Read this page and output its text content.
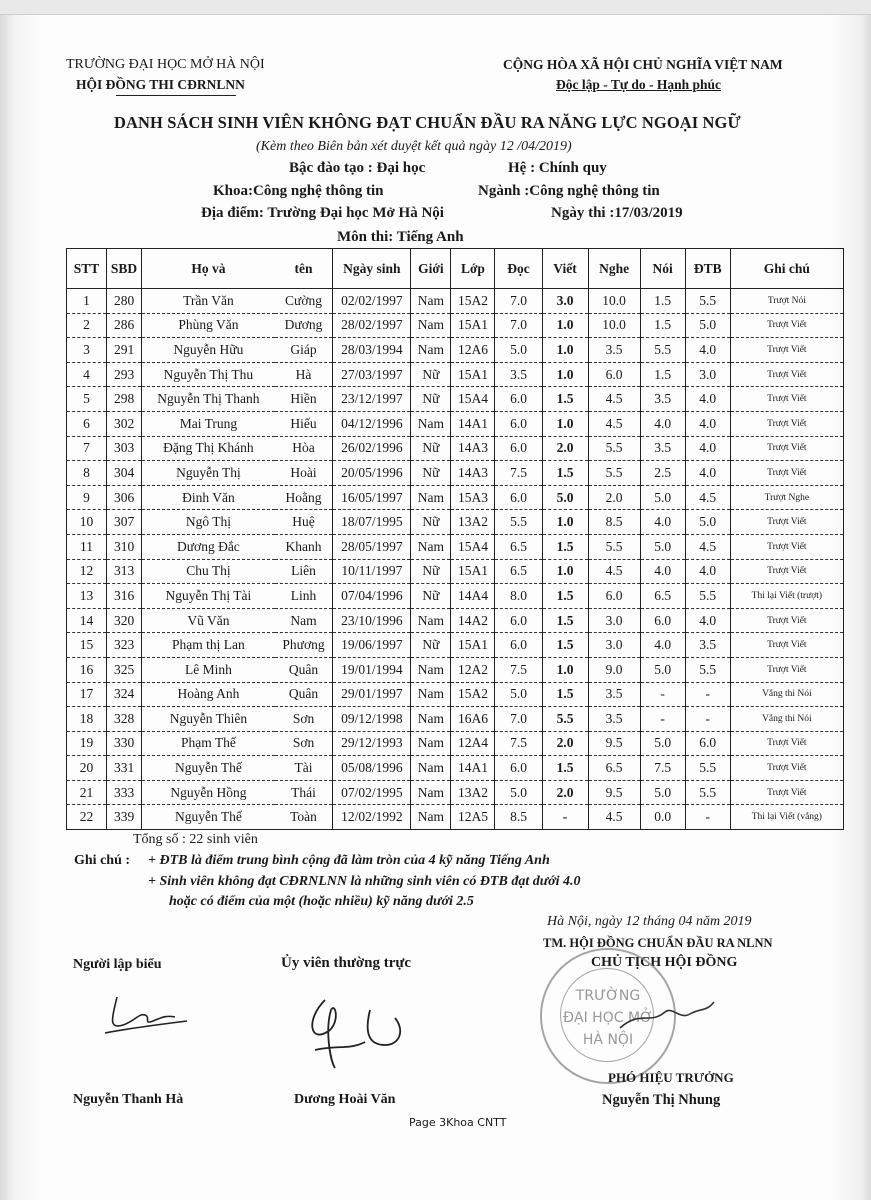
TRƯỜNG ĐẠI HỌC MỞ HÀ NỘI
HỘI ĐỒNG THI CĐRNLNN
CỘNG HÒA XÃ HỘI CHỦ NGHĨA VIỆT NAM
Độc lập - Tự do - Hạnh phúc
DANH SÁCH SINH VIÊN KHÔNG ĐẠT CHUẨN ĐẦU RA NĂNG LỰC NGOẠI NGỮ
(Kèm theo Biên bản xét duyệt kết quả ngày 12 /04/2019)
Bậc đào tạo : Đại học	Hệ : Chính quy
Khoa:Công nghệ thông tin	Ngành :Công nghệ thông tin
Địa điểm: Trường Đại học Mở Hà Nội	Ngày thi :17/03/2019
Môn thi: Tiếng Anh
STT	SBD	Họ và	tên	Ngày sinh	Giới	Lớp	Đọc	Viết	Nghe	Nói	ĐTB	Ghi chú
1	280	Trần Văn	Cường	02/02/1997	Nam	15A2	7.0	3.0	10.0	1.5	5.5	Trượt Nói
2	286	Phùng Văn	Dương	28/02/1997	Nam	15A1	7.0	1.0	10.0	1.5	5.0	Trượt Viết
3	291	Nguyễn Hữu	Giáp	28/03/1994	Nam	12A6	5.0	1.0	3.5	5.5	4.0	Trượt Viết
4	293	Nguyễn Thị Thu	Hà	27/03/1997	Nữ	15A1	3.5	1.0	6.0	1.5	3.0	Trượt Viết
5	298	Nguyễn Thị Thanh	Hiền	23/12/1997	Nữ	15A4	6.0	1.5	4.5	3.5	4.0	Trượt Viết
6	302	Mai Trung	Hiếu	04/12/1996	Nam	14A1	6.0	1.0	4.5	4.0	4.0	Trượt Viết
7	303	Đặng Thị Khánh	Hòa	26/02/1996	Nữ	14A3	6.0	2.0	5.5	3.5	4.0	Trượt Viết
8	304	Nguyễn Thị	Hoài	20/05/1996	Nữ	14A3	7.5	1.5	5.5	2.5	4.0	Trượt Viết
9	306	Đinh Văn	Hoằng	16/05/1997	Nam	15A3	6.0	5.0	2.0	5.0	4.5	Trượt Nghe
10	307	Ngô Thị	Huệ	18/07/1995	Nữ	13A2	5.5	1.0	8.5	4.0	5.0	Trượt Viết
11	310	Dương Đắc	Khanh	28/05/1997	Nam	15A4	6.5	1.5	5.5	5.0	4.5	Trượt Viết
12	313	Chu Thị	Liên	10/11/1997	Nữ	15A1	6.5	1.0	4.5	4.0	4.0	Trượt Viết
13	316	Nguyễn Thị Tài	Linh	07/04/1996	Nữ	14A4	8.0	1.5	6.0	6.5	5.5	Thi lại Viết (trượt)
14	320	Vũ Văn	Nam	23/10/1996	Nam	14A2	6.0	1.5	3.0	6.0	4.0	Trượt Viết
15	323	Phạm thị Lan	Phương	19/06/1997	Nữ	15A1	6.0	1.5	3.0	4.0	3.5	Trượt Viết
16	325	Lê Minh	Quân	19/01/1994	Nam	12A2	7.5	1.0	9.0	5.0	5.5	Trượt Viết
17	324	Hoàng Anh	Quân	29/01/1997	Nam	15A2	5.0	1.5	3.5	-	-	Vắng thi Nói
18	328	Nguyễn Thiên	Sơn	09/12/1998	Nam	16A6	7.0	5.5	3.5	-	-	Vắng thi Nói
19	330	Phạm Thế	Sơn	29/12/1993	Nam	12A4	7.5	2.0	9.5	5.0	6.0	Trượt Viết
20	331	Nguyễn Thế	Tài	05/08/1996	Nam	14A1	6.0	1.5	6.5	7.5	5.5	Trượt Viết
21	333	Nguyễn Hồng	Thái	07/02/1995	Nam	13A2	5.0	2.0	9.5	5.0	5.5	Trượt Viết
22	339	Nguyễn Thế	Toàn	12/02/1992	Nam	12A5	8.5	-	4.5	0.0	-	Thi lại Viết (vắng)
Tổng số : 22 sinh viên
Ghi chú : + ĐTB là điểm trung bình cộng đã làm tròn của 4 kỹ năng Tiếng Anh
+ Sinh viên không đạt CĐRNLNN là những sinh viên có ĐTB đạt dưới 4.0
hoặc có điểm của một (hoặc nhiều) kỹ năng dưới 2.5
Hà Nội, ngày 12 tháng 04 năm 2019
TM. HỘI ĐỒNG CHUẨN ĐẦU RA NLNN
CHỦ TỊCH HỘI ĐỒNG
Người lập biểu	Ủy viên thường trực
TRƯỜNG
ĐẠI HỌC MỞ
HÀ NỘI
PHÓ HIỆU TRƯỞNG
Nguyễn Thanh Hà	Dương Hoài Văn	Nguyễn Thị Nhung
Page 3Khoa CNTT
